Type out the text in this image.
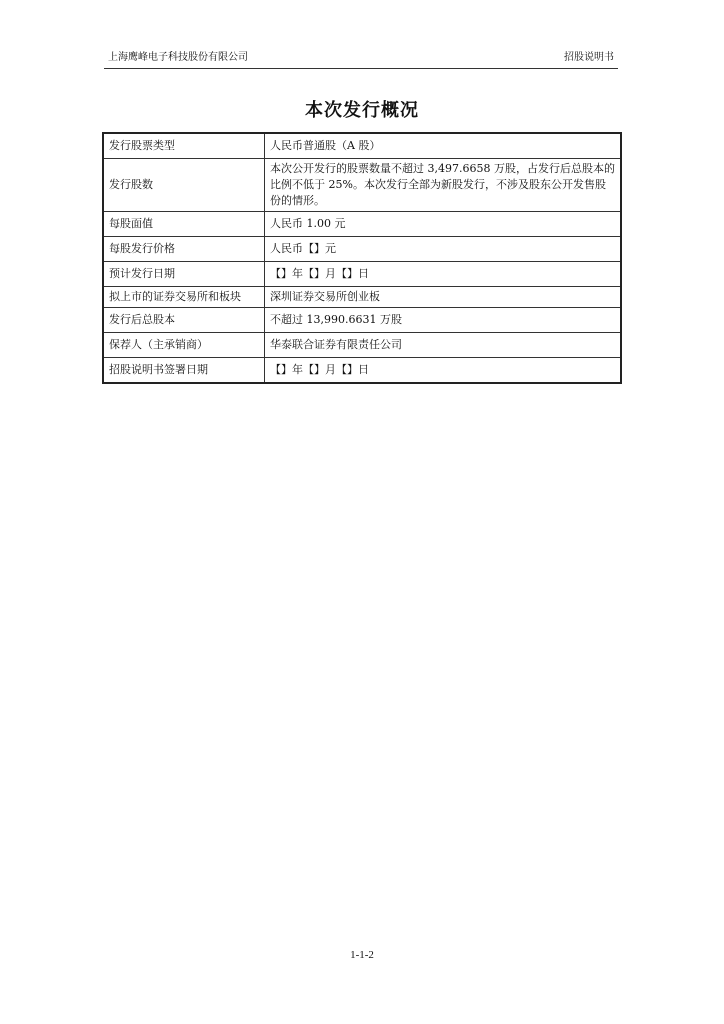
上海鹰峰电子科技股份有限公司	招股说明书
本次发行概况
发行股票类型	人民币普通股（A 股）
发行股数	本次公开发行的股票数量不超过 3,497.6658 万股，占发行后总股本的比例不低于 25%。本次发行全部为新股发行，不涉及股东公开发售股份的情形。
每股面值	人民币 1.00 元
每股发行价格	人民币【】元
预计发行日期	【】年【】月【】日
拟上市的证券交易所和板块	深圳证券交易所创业板
发行后总股本	不超过 13,990.6631 万股
保荐人（主承销商）	华泰联合证券有限责任公司
招股说明书签署日期	【】年【】月【】日
1-1-2
